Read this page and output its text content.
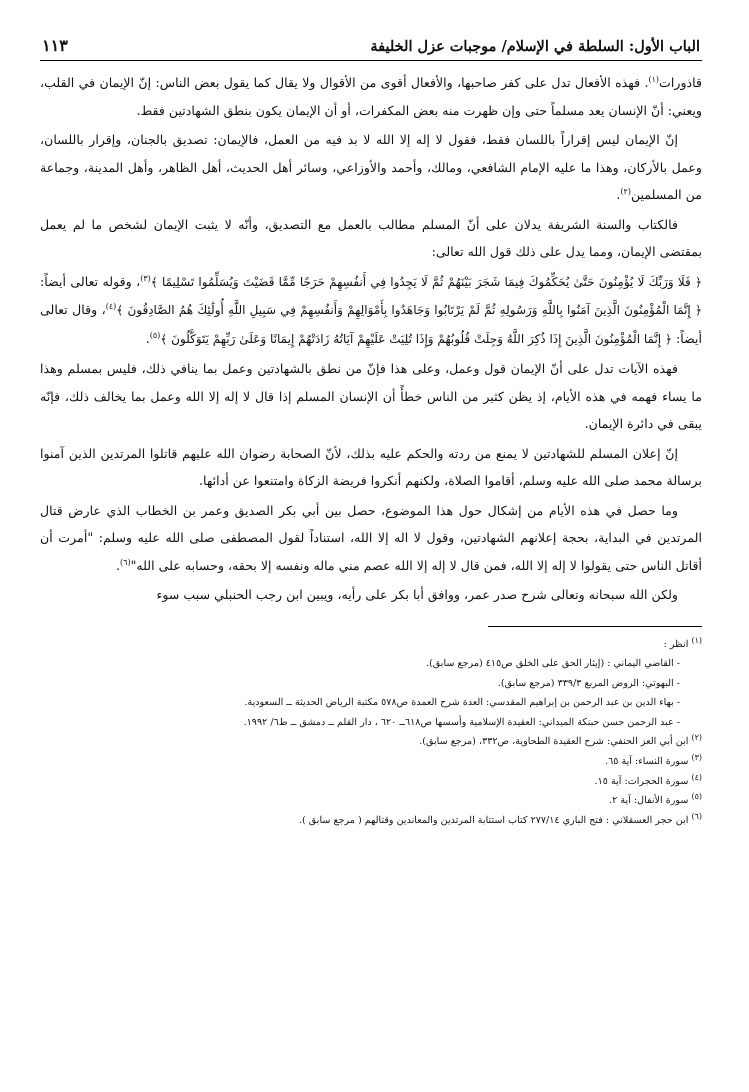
الباب الأول: السلطة في الإسلام/ موجبات عزل الخليفة
١١٣

قاذورات$^{(١)}$. فهذه الأفعال تدل على كفر صاحبها، والأفعال أقوى من الأقوال ولا يقال كما يقول بعض الناس: إنّ الإيمان في القلب، ويعني: أنّ الإنسان يعد مسلماً حتى وإن ظهرت منه بعض المكفرات، أو أن الإيمان يكون بنطق الشهادتين فقط.

إنّ الإيمان ليس إقراراً باللسان فقط، فقول لا إله إلا الله لا بد فيه من العمل، فالإيمان: تصديق بالجنان، وإقرار باللسان، وعمل بالأركان، وهذا ما عليه الإمام الشافعي، ومالك، وأحمد والأوزاعي، وسائر أهل الحديث، أهل الظاهر، وأهل المدينة، وجماعة من المسلمين$^{(٢)}$.

فالكتاب والسنة الشريفة يدلان على أنّ المسلم مطالب بالعمل مع التصديق، وأنّه لا يثبت الإيمان لشخص ما لم يعمل بمقتضى الإيمان، ومما يدل على ذلك قول الله تعالى:

﴿ فَلَا وَرَبِّكَ لَا يُؤْمِنُونَ حَتَّىٰ يُحَكِّمُوكَ فِيمَا شَجَرَ بَيْنَهُمْ ثُمَّ لَا يَجِدُوا فِي أَنفُسِهِمْ حَرَجًا مِّمَّا قَضَيْتَ وَيُسَلِّمُوا تَسْلِيمًا ﴾$^{(٣)}$، وقوله تعالى أيضاً: ﴿ إِنَّمَا الْمُؤْمِنُونَ الَّذِينَ آمَنُوا بِاللَّهِ وَرَسُولِهِ ثُمَّ لَمْ يَرْتَابُوا وَجَاهَدُوا بِأَمْوَالِهِمْ وَأَنفُسِهِمْ فِي سَبِيلِ اللَّهِ أُولَٰئِكَ هُمُ الصَّادِقُونَ ﴾$^{(٤)}$، وقال تعالى أيضاً: ﴿ إِنَّمَا الْمُؤْمِنُونَ الَّذِينَ إِذَا ذُكِرَ اللَّهُ وَجِلَتْ قُلُوبُهُمْ وَإِذَا تُلِيَتْ عَلَيْهِمْ آيَاتُهُ زَادَتْهُمْ إِيمَانًا وَعَلَىٰ رَبِّهِمْ يَتَوَكَّلُونَ ﴾$^{(٥)}$.

فهذه الآيات تدل على أنّ الإيمان قول وعمل، وعلى هذا فإنّ من نطق بالشهادتين وعمل بما ينافي ذلك، فليس بمسلم وهذا ما يساء فهمه في هذه الأيام، إذ يظن كثير من الناس خطأً أن الإنسان المسلم إذا قال لا إله إلا الله وعمل بما يخالف ذلك، فإنّه يبقى في دائرة الإيمان.

إنّ إعلان المسلم للشهادتين لا يمنع من ردته والحكم عليه بذلك، لأنّ الصحابة رضوان الله عليهم قاتلوا المرتدين الذين آمنوا برسالة محمد صلى الله عليه وسلم، أقاموا الصلاة، ولكنهم أنكروا فريضة الزكاة وامتنعوا عن أدائها.

وما حصل في هذه الأيام من إشكال حول هذا الموضوع، حصل بين أبي بكر الصديق وعمر بن الخطاب الذي عارض قتال المرتدين في البداية، بحجة إعلانهم الشهادتين، وقول لا اله إلا الله، استناداً لقول المصطفى صلى الله عليه وسلم: "أمرت أن أقاتل الناس حتى يقولوا لا إله إلا الله، فمن قال لا إله إلا الله عصم مني ماله ونفسه إلا بحقه، وحسابه على الله"$^{(٦)}$.

ولكن الله سبحانه وتعالى شرح صدر عمر، ووافق أبا بكر على رأيه، ويبين ابن رجب الحنبلي سبب سوء

$^{(١)}$ انظر :
- القاضي اليماني : (إيثار الحق على الخلق ص٤١٥ (مرجع سابق).
- البهوتي: الروض المربع ٣٣٩/٣ (مرجع سابق).
- بهاء الدين بن عبد الرحمن بن إبراهيم المقدسي: العدة شرح العمدة ص٥٧٨ مكتبة الرياض الحديثة ــ السعودية.
- عبد الرحمن حسن حبنكة الميداني: العقيدة الإسلامية وأسسها ص٦١٨ــ ٦٢٠ ، دار القلم ــ دمشق ــ ط٦/ ١٩٩٢.
$^{(٢)}$ ابن أبي العز الحنفي: شرح العقيدة الطحاوية، ص٣٣٢، (مرجع سابق).
$^{(٣)}$ سورة النساء: آية ٦٥.
$^{(٤)}$ سورة الحجرات: آية ١٥.
$^{(٥)}$ سورة الأنفال: آية ٢.
$^{(٦)}$ ابن حجر العسقلاني : فتح الباري ٢٧٧/١٤ كتاب استتابة المرتدين والمعاندين وقتالهم ( مرجع سابق ).
